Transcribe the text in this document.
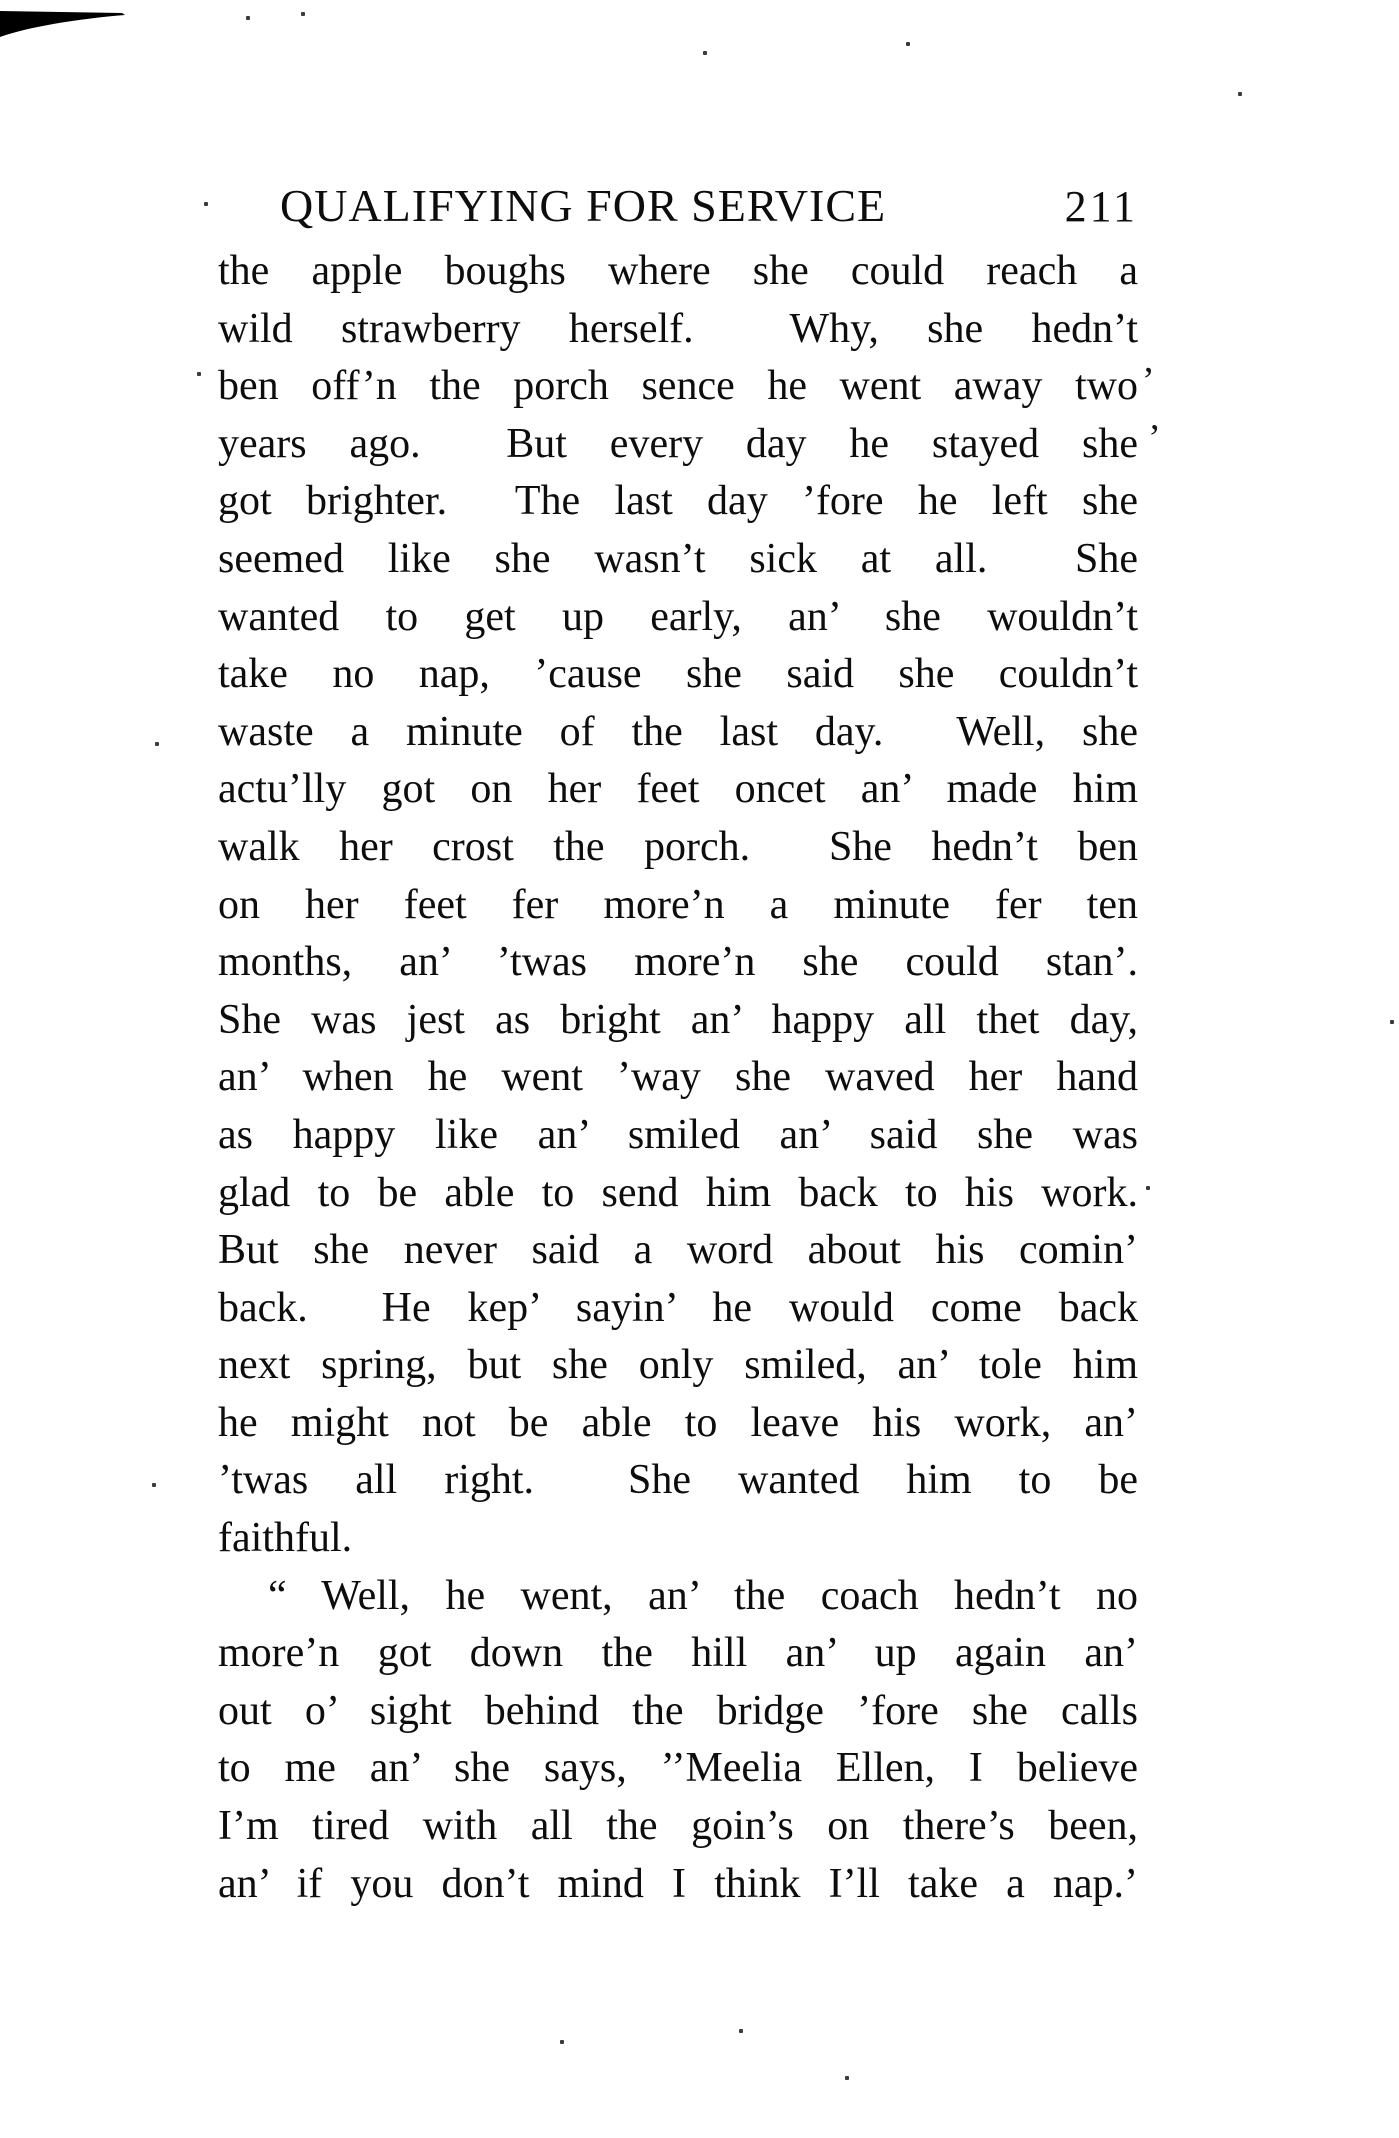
QUALIFYING FOR SERVICE	211
the apple boughs where she could reach a
wild strawberry herself.  Why, she hedn’t
ben off’n the porch sence he went away two
years ago.  But every day he stayed she
got brighter.  The last day ’fore he left she
seemed like she wasn’t sick at all.  She
wanted to get up early, an’ she wouldn’t
take no nap, ’cause she said she couldn’t
waste a minute of the last day.  Well, she
actu’lly got on her feet oncet an’ made him
walk her crost the porch.  She hedn’t ben
on her feet fer more’n a minute fer ten
months, an’ ’twas more’n she could stan’.
She was jest as bright an’ happy all thet day,
an’ when he went ’way she waved her hand
as happy like an’ smiled an’ said she was
glad to be able to send him back to his work.
But she never said a word about his comin’
back.  He kep’ sayin’ he would come back
next spring, but she only smiled, an’ tole him
he might not be able to leave his work, an’
’twas all right.  She wanted him to be
faithful.
“ Well, he went, an’ the coach hedn’t no
more’n got down the hill an’ up again an’
out o’ sight behind the bridge ’fore she calls
to me an’ she says, ’’Meelia Ellen, I believe
I’m tired with all the goin’s on there’s been,
an’ if you don’t mind I think I’ll take a nap.’
’
,
